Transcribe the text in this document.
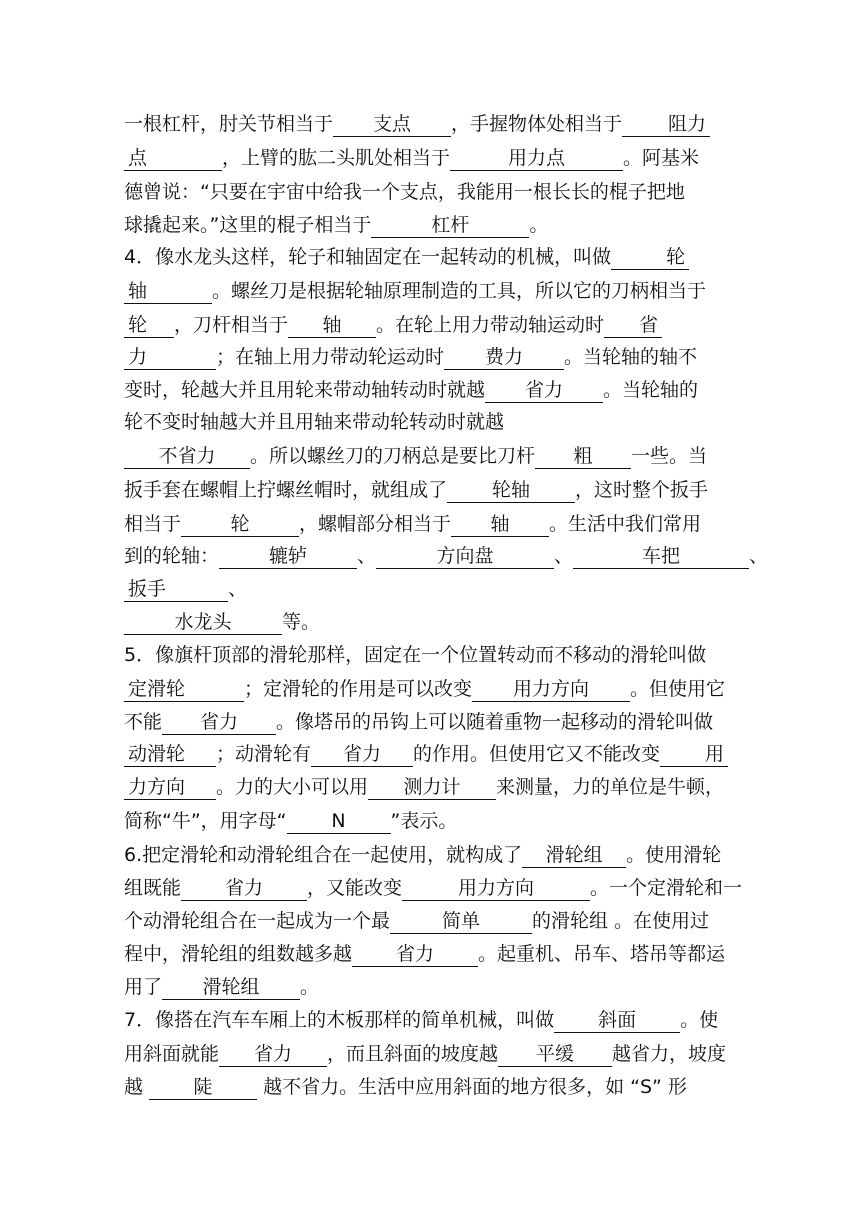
一根杠杆，肘关节相当于 支点 ，手握物体处相当于 阻力
点	，上臂的肱二头肌处相当于	用力点	。阿基米
德曾说：“只要在宇宙中给我一个支点，我能用一根长长的棍子把地
球撬起来。”这里的棍子相当于	杠杆	。
4．像水龙头这样，轮子和轴固定在一起转动的机械，叫做	轮
轴	。螺丝刀是根据轮轴原理制造的工具，所以它的刀柄相当于
轮 ，刀杆相当于 轴 。在轮上用力带动轴运动时 省
力	；在轴上用力带动轮运动时 费力 。当轮轴的轴不
变时，轮越大并且用轮来带动轴转动时就越 省力 。当轮轴的
轮不变时轴越大并且用轴来带动轮转动时就越
不省力 。所以螺丝刀的刀柄总是要比刀杆 粗 一些。当
扳手套在螺帽上拧螺丝帽时，就组成了 轮轴 ，这时整个扳手
相当于	轮	，螺帽部分相当于 轴 。生活中我们常用
到的轮轴：	辘轳	、	方向盘	、	车把	、
扳手	、
水龙头	等。
5．像旗杆顶部的滑轮那样，固定在一个位置转动而不移动的滑轮叫做
定滑轮	；定滑轮的作用是可以改变 用力方向 。但使用它
不能 省力 。像塔吊的吊钩上可以随着重物一起移动的滑轮叫做
动滑轮 ；动滑轮有 省力 的作用。但使用它又不能改变 用
力方向 。力的大小可以用 测力计 来测量，力的单位是牛顿，
简称“牛”，用字母“ N ”表示。
6.把定滑轮和动滑轮组合在一起使用，就构成了 滑轮组 。使用滑轮
组既能 省力 ，又能改变	用力方向	。一个定滑轮和一
个动滑轮组合在一起成为一个最	简单	的滑轮组 。在使用过
程中，滑轮组的组数越多越 省力 。起重机、吊车、塔吊等都运
用了 滑轮组 。
7．像搭在汽车车厢上的木板那样的简单机械，叫做 斜面 。使
用斜面就能 省力 ，而且斜面的坡度越 平缓 越省力，坡度
越 陡 越不省力。生活中应用斜面的地方很多，如 “S” 形
